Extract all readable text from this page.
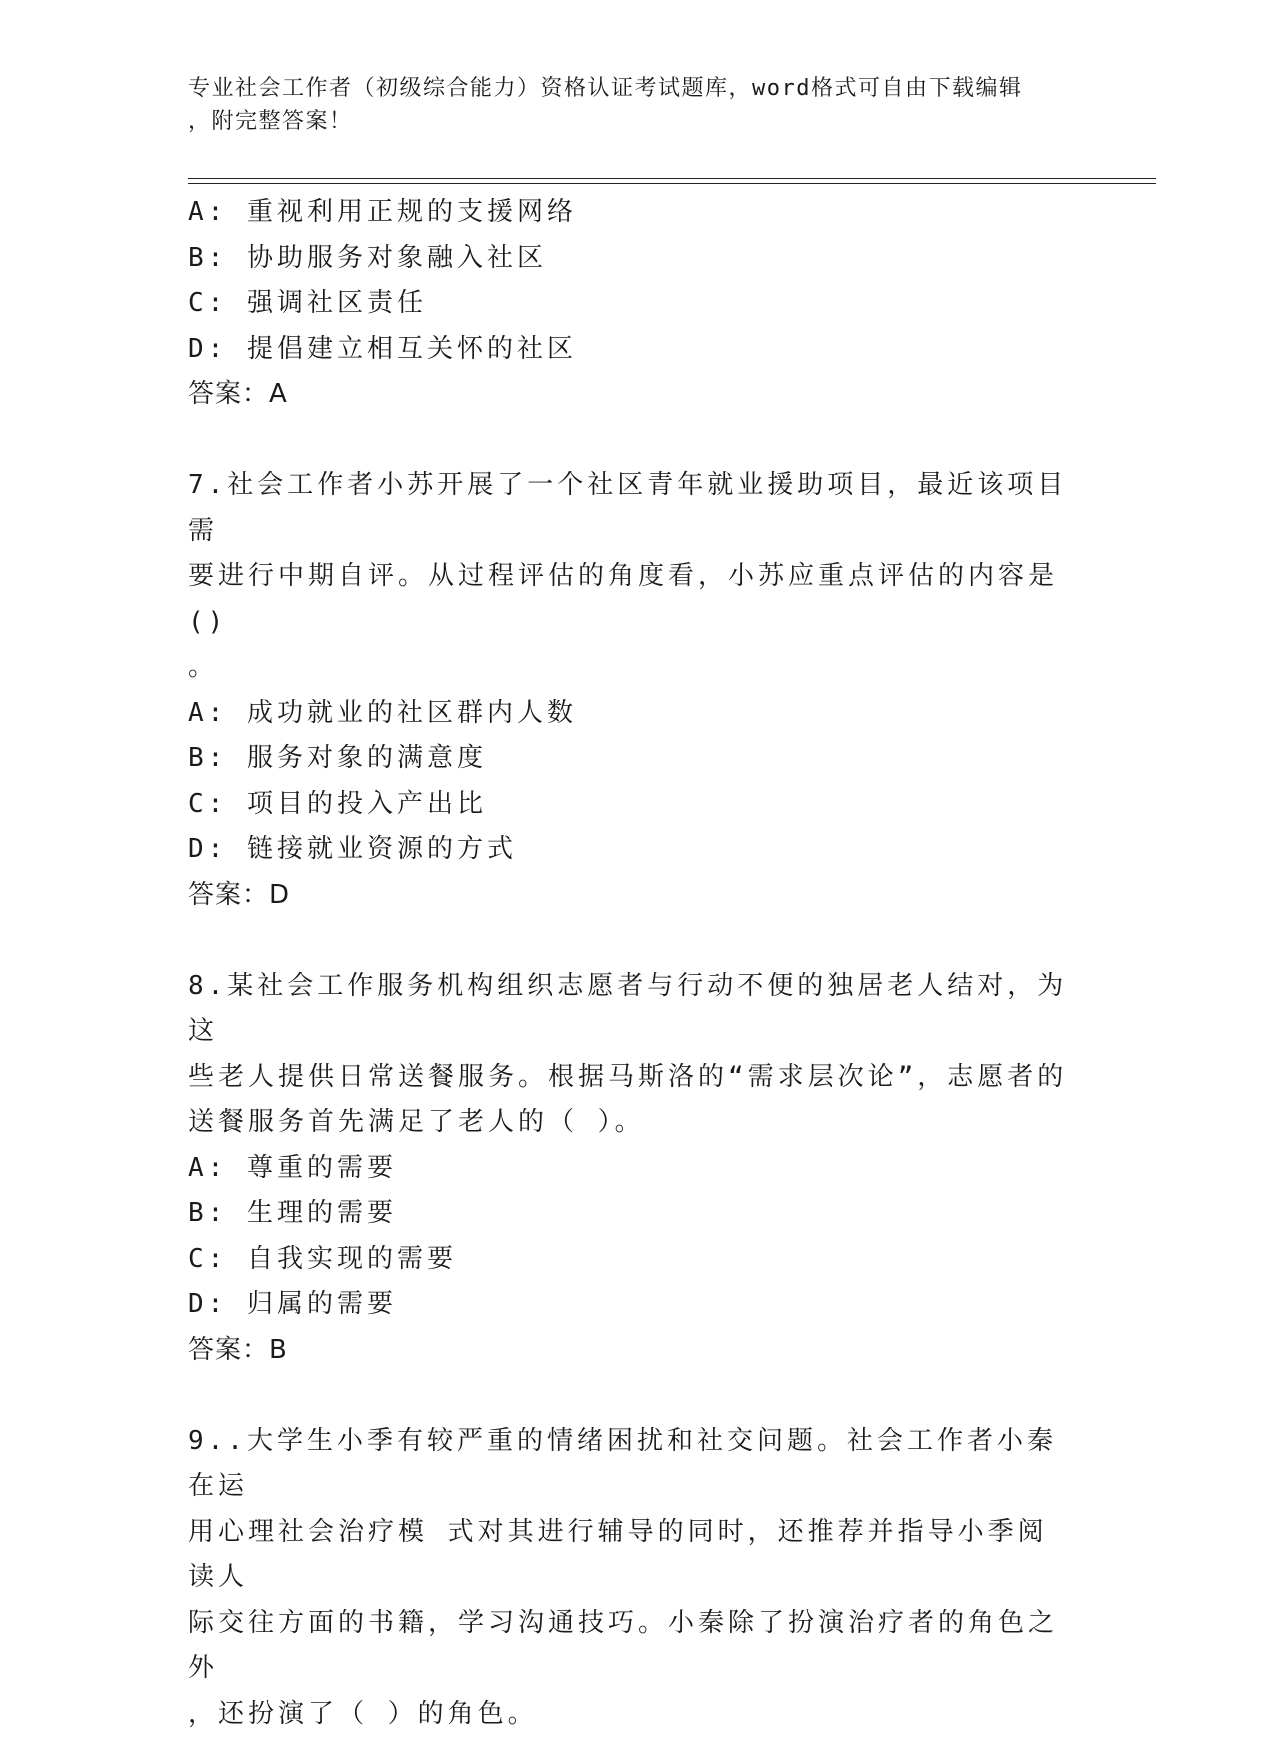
专业社会工作者（初级综合能力）资格认证考试题库，word格式可自由下载编辑
，附完整答案！
A: 重视利用正规的支援网络
B: 协助服务对象融入社区
C: 强调社区责任
D: 提倡建立相互关怀的社区
答案：A
7.社会工作者小苏开展了一个社区青年就业援助项目，最近该项目需
要进行中期自评。从过程评估的角度看，小苏应重点评估的内容是()
。
A: 成功就业的社区群内人数
B: 服务对象的满意度
C: 项目的投入产出比
D: 链接就业资源的方式
答案：D
8.某社会工作服务机构组织志愿者与行动不便的独居老人结对，为这
些老人提供日常送餐服务。根据马斯洛的“需求层次论”，志愿者的
送餐服务首先满足了老人的（ ）。
A: 尊重的需要
B: 生理的需要
C: 自我实现的需要
D: 归属的需要
答案：B
9..大学生小季有较严重的情绪困扰和社交问题。社会工作者小秦在运
用心理社会治疗模 式对其进行辅导的同时，还推荐并指导小季阅读人
际交往方面的书籍，学习沟通技巧。小秦除了扮演治疗者的角色之外
，还扮演了（ ）的角色。
